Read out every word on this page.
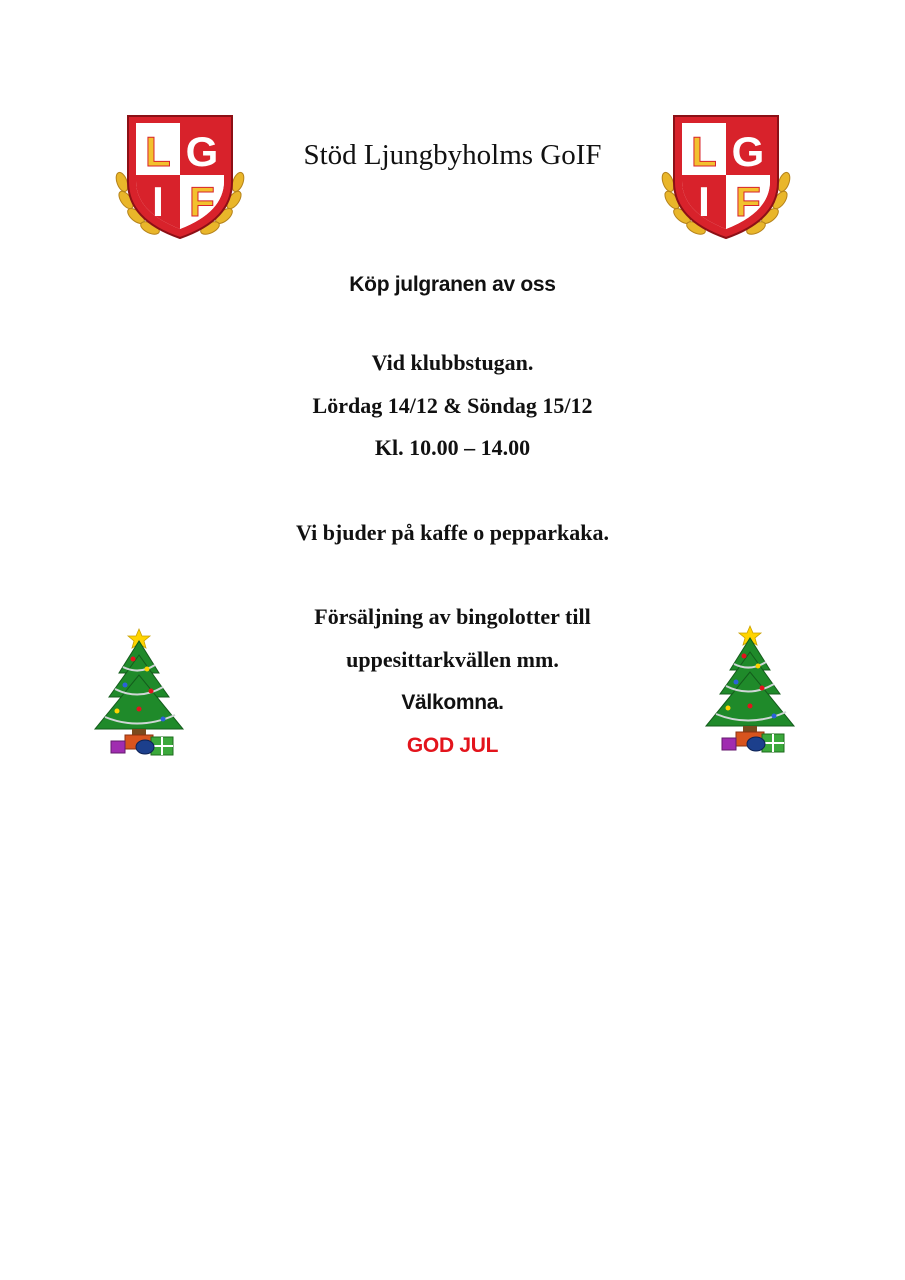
L G
I F
L G
I F
Stöd Ljungbyholms GoIF
Köp julgranen av oss
Vid klubbstugan.
Lördag 14/12 & Söndag 15/12
Kl. 10.00 – 14.00
Vi bjuder på kaffe o pepparkaka.
Försäljning av bingolotter till
uppesittarkvällen mm.
Välkomna.
GOD JUL
